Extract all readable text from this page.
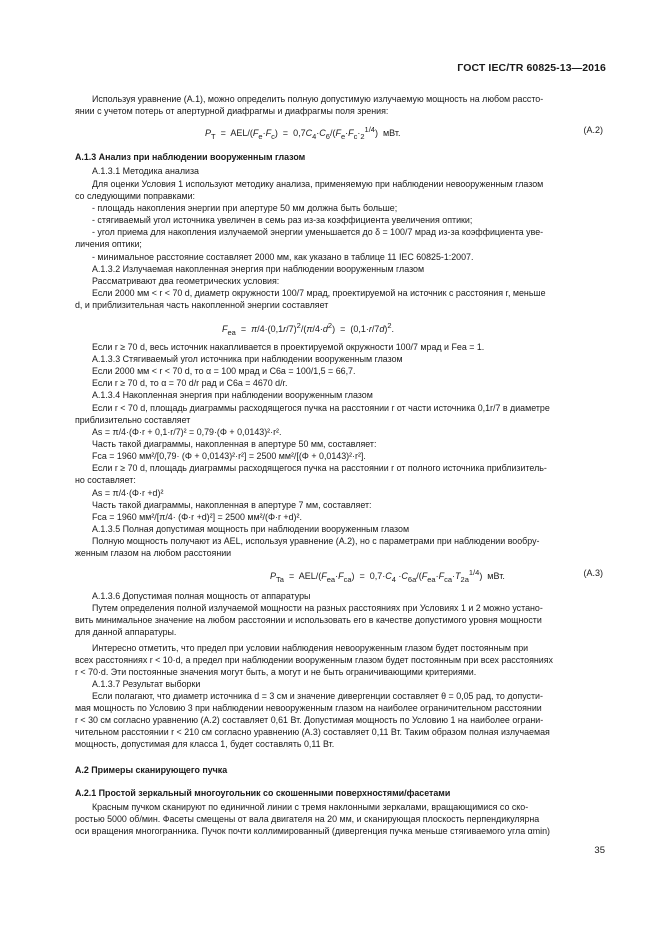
ГОСТ IEC/TR 60825-13—2016
Используя уравнение (A.1), можно определить полную допустимую излучаемую мощность на любом рассто-
янии с учетом потерь от апертурной диафрагмы и диафрагмы поля зрения:
$P_T = AEL/(F_e\cdot F_c) = 0,7C_4\cdot C_6/(F_e\cdot F_c\cdot_2^{1/4})$  мВт.	(A.2)
A.1.3 Анализ при наблюдении вооруженным глазом
A.1.3.1 Методика анализа
Для оценки Условия 1 используют методику анализа, применяемую при наблюдении невооруженным глазом
со следующими поправками:
- площадь накопления энергии при апертуре 50 мм должна быть больше;
- стягиваемый угол источника увеличен в семь раз из-за коэффициента увеличения оптики;
- угол приема для накопления излучаемой энергии уменьшается до δ = 100/7 мрад из-за коэффициента уве-
личения оптики;
- минимальное расстояние составляет 2000 мм, как указано в таблице 11 IEC 60825-1:2007.
A.1.3.2 Излучаемая накопленная энергия при наблюдении вооруженным глазом
Рассматривают два геометрических условия:
Если 2000 мм < r < 70 d, диаметр окружности 100/7 мрад, проектируемой на источник с расстояния r, меньше
d, и приблизительная часть накопленной энергии составляет
$F_{ea} = \pi/4\cdot(0,1r/7)^2/(\pi/4\cdot d^2) = (0,1\cdot r/7d)^2$.
Если r ≥ 70 d, весь источник накапливается в проектируемой окружности 100/7 мрад и Fea = 1.
A.1.3.3 Стягиваемый угол источника при наблюдении вооруженным глазом
Если 2000 мм < r < 70 d, то α = 100 мрад и C6a = 100/1,5 = 66,7.
Если r ≥ 70 d, то α = 70 d/r рад и C6a = 4670 d/r.
A.1.3.4 Накопленная энергия при наблюдении вооруженным глазом
Если r < 70 d, площадь диаграммы расходящегося пучка на расстоянии r от части источника 0,1r/7 в диаметре
приблизительно составляет
As = π/4·(Φ·r + 0,1·r/7)² = 0,79·(Φ + 0,0143)²·r².
Часть такой диаграммы, накопленная в апертуре 50 мм, составляет:
Fca = 1960 мм²/[0,79· (Φ + 0,0143)²·r²] = 2500 мм²/[(Φ + 0,0143)²·r²].
Если r ≥ 70 d, площадь диаграммы расходящегося пучка на расстоянии r от полного источника приблизитель-
но составляет:
As = π/4·(Φ·r +d)²
Часть такой диаграммы, накопленная в апертуре 7 мм, составляет:
Fca = 1960 мм²/[π/4· (Φ·r +d)²] = 2500 мм²/(Φ·r +d)².
A.1.3.5 Полная допустимая мощность при наблюдении вооруженным глазом
Полную мощность получают из AEL, используя уравнение (A.2), но с параметрами при наблюдении вообру-
женным глазом на любом расстоянии
$P_{Ta} = AEL/(F_{ea}\cdot F_{ca}) = 0,7\cdot C_4 \cdot C_{6a}/(F_{ea}\cdot F_{ca}\cdot T_{2a}^{1/4})$  мВт.	(A.3)
A.1.3.6 Допустимая полная мощность от аппаратуры
Путем определения полной излучаемой мощности на разных расстояниях при Условиях 1 и 2 можно устано-
вить минимальное значение на любом расстоянии и использовать его в качестве допустимого уровня мощности
для данной аппаратуры.
Интересно отметить, что предел при условии наблюдения невооруженным глазом будет постоянным при
всех расстояниях r < 10·d, а предел при наблюдении вооруженным глазом будет постоянным при всех расстояниях
r < 70·d. Эти постоянные значения могут быть, а могут и не быть ограничивающими критериями.
A.1.3.7 Результат выборки
Если полагают, что диаметр источника d = 3 см и значение дивергенции составляет θ = 0,05 рад, то допусти-
мая мощность по Условию 3 при наблюдении невооруженным глазом на наиболее ограничительном расстоянии
r < 30 см согласно уравнению (A.2) составляет 0,61 Вт. Допустимая мощность по Условию 1 на наиболее ограни-
чительном расстоянии r < 210 см согласно уравнению (A.3) составляет 0,11 Вт. Таким образом полная излучаемая
мощность, допустимая для класса 1, будет составлять 0,11 Вт.
A.2 Примеры сканирующего пучка
A.2.1 Простой зеркальный многоугольник со скошенными поверхностями/фасетами
Красным пучком сканируют по единичной линии с тремя наклонными зеркалами, вращающимися со ско-
ростью 5000 об/мин. Фасеты смещены от вала двигателя на 20 мм, и сканирующая плоскость перпендикулярна
оси вращения многогранника. Пучок почти коллимированный (дивергенция пучка меньше стягиваемого угла αmin)
35
